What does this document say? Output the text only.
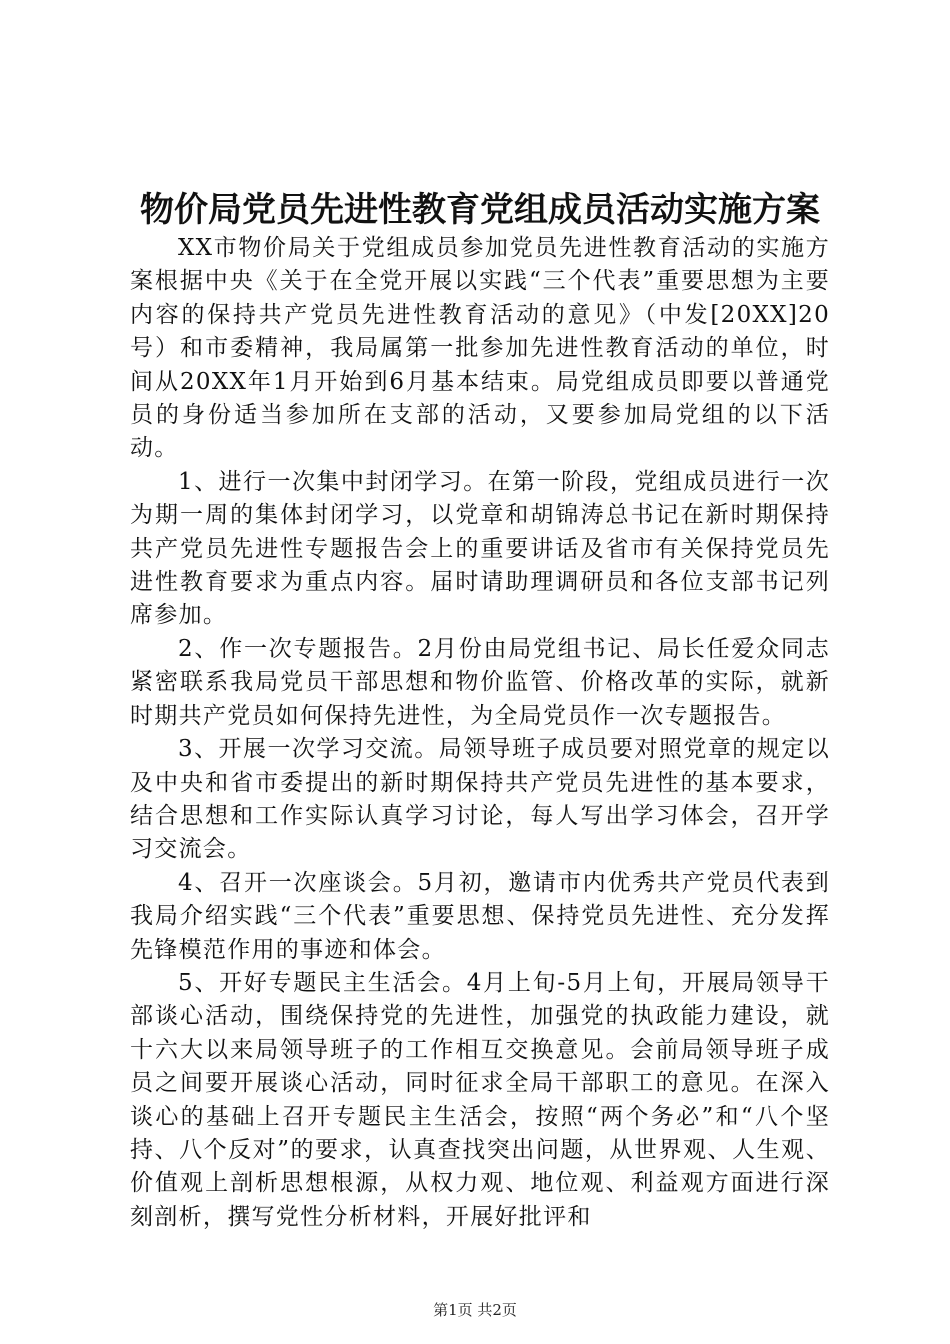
物价局党员先进性教育党组成员活动实施方案

XX市物价局关于党组成员参加党员先进性教育活动的实施方案根据中央《关于在全党开展以实践“三个代表”重要思想为主要内容的保持共产党员先进性教育活动的意见》（中发[20XX]20号）和市委精神，我局属第一批参加先进性教育活动的单位，时间从20XX年1月开始到6月基本结束。局党组成员即要以普通党员的身份适当参加所在支部的活动，又要参加局党组的以下活动。

1、进行一次集中封闭学习。在第一阶段，党组成员进行一次为期一周的集体封闭学习，以党章和胡锦涛总书记在新时期保持共产党员先进性专题报告会上的重要讲话及省市有关保持党员先进性教育要求为重点内容。届时请助理调研员和各位支部书记列席参加。

2、作一次专题报告。2月份由局党组书记、局长任爱众同志紧密联系我局党员干部思想和物价监管、价格改革的实际，就新时期共产党员如何保持先进性，为全局党员作一次专题报告。

3、开展一次学习交流。局领导班子成员要对照党章的规定以及中央和省市委提出的新时期保持共产党员先进性的基本要求，结合思想和工作实际认真学习讨论，每人写出学习体会，召开学习交流会。

4、召开一次座谈会。5月初，邀请市内优秀共产党员代表到我局介绍实践“三个代表”重要思想、保持党员先进性、充分发挥先锋模范作用的事迹和体会。

5、开好专题民主生活会。4月上旬-5月上旬，开展局领导干部谈心活动，围绕保持党的先进性，加强党的执政能力建设，就十六大以来局领导班子的工作相互交换意见。会前局领导班子成员之间要开展谈心活动，同时征求全局干部职工的意见。在深入谈心的基础上召开专题民主生活会，按照“两个务必”和“八个坚持、八个反对”的要求，认真查找突出问题，从世界观、人生观、价值观上剖析思想根源，从权力观、地位观、利益观方面进行深刻剖析，撰写党性分析材料，开展好批评和

第1页 共2页
